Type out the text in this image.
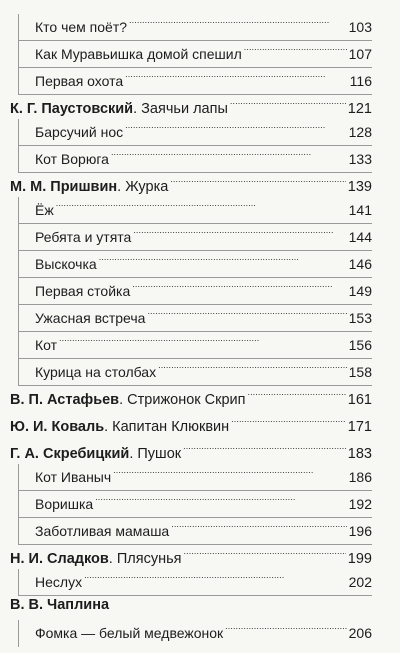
Кто чем поёт? . . .	103
Как Муравьишка домой спешил . . .	107
Первая охота . . .	116
К. Г. Паустовский . Заячьи лапы . . .	121
Барсучий нос . . .	128
Кот Ворюга . . .	133
М. М. Пришвин . Журка . . .	139
Ёж . . .	141
Ребята и утята . . .	144
Выскочка . . .	146
Первая стойка . . .	149
Ужасная встреча . . .	153
Кот . . .	156
Курица на столбах . . .	158
В. П. Астафьев . Стрижонок Скрип . . .	161
Ю. И. Коваль . Капитан Клюквин . . .	171
Г. А. Скребицкий . Пушок . . .	183
Кот Иваныч . . .	186
Воришка . . .	192
Заботливая мамаша . . .	196
Н. И. Сладков . Плясунья . . .	199
Неслух . . .	202
В. В. Чаплина
Фомка — белый медвежонок . . .	206
